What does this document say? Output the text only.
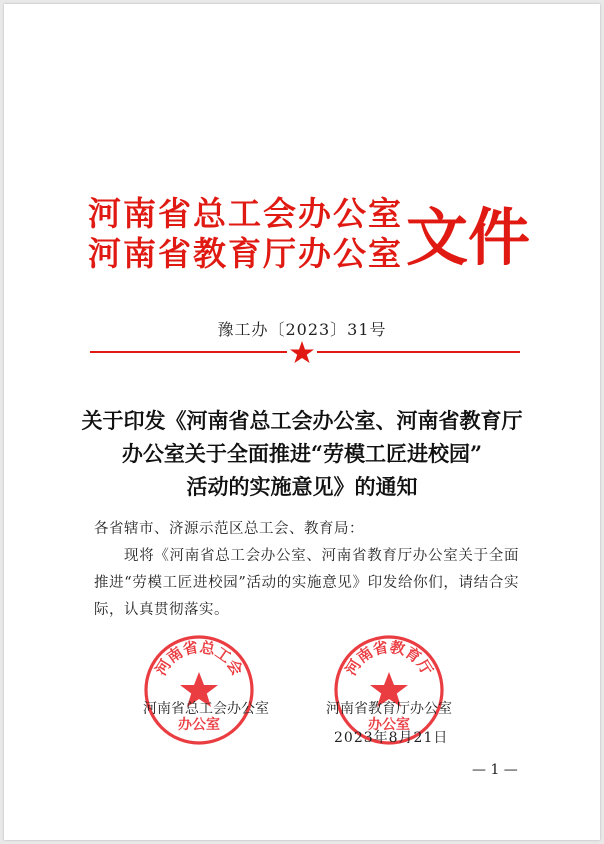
河南省总工会办公室
河南省教育厅办公室 文件
豫工办〔2023〕31号
关于印发《河南省总工会办公室、河南省教育厅
办公室关于全面推进“劳模工匠进校园”
活动的实施意见》的通知
各省辖市、济源示范区总工会、教育局：
现将《河南省总工会办公室、河南省教育厅办公室关于全面推进“劳模工匠进校园”活动的实施意见》印发给你们，请结合实际，认真贯彻落实。
河南省总工会
办公室
河南省教育厅
办公室
河南省总工会办公室	河南省教育厅办公室
2023年8月21日
— 1 —
